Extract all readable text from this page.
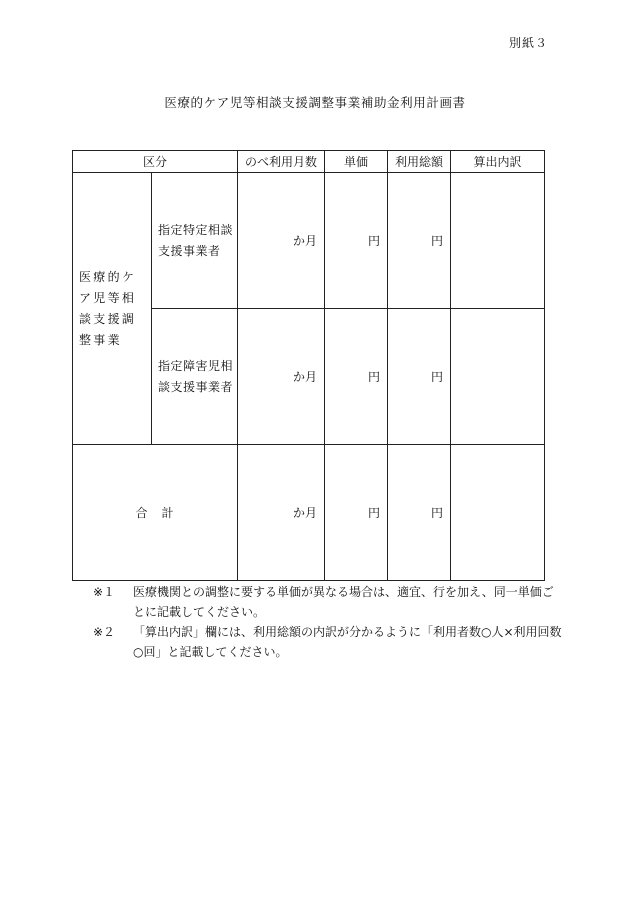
別紙３
医療的ケア児等相談支援調整事業補助金利用計画書
区分		のべ利用月数	単価	利用総額	算出内訳
医療的ケア児等相談支援調整事業	指定特定相談支援事業者	か月	円	円	
	指定障害児相談支援事業者	か月	円	円	
合　計		か月	円	円	
※１	医療機関との調整に要する単価が異なる場合は、適宜、行を加え、同一単価ごとに記載してください。
※２	「算出内訳」欄には、利用総額の内訳が分かるように「利用者数○人×利用回数○回」と記載してください。
